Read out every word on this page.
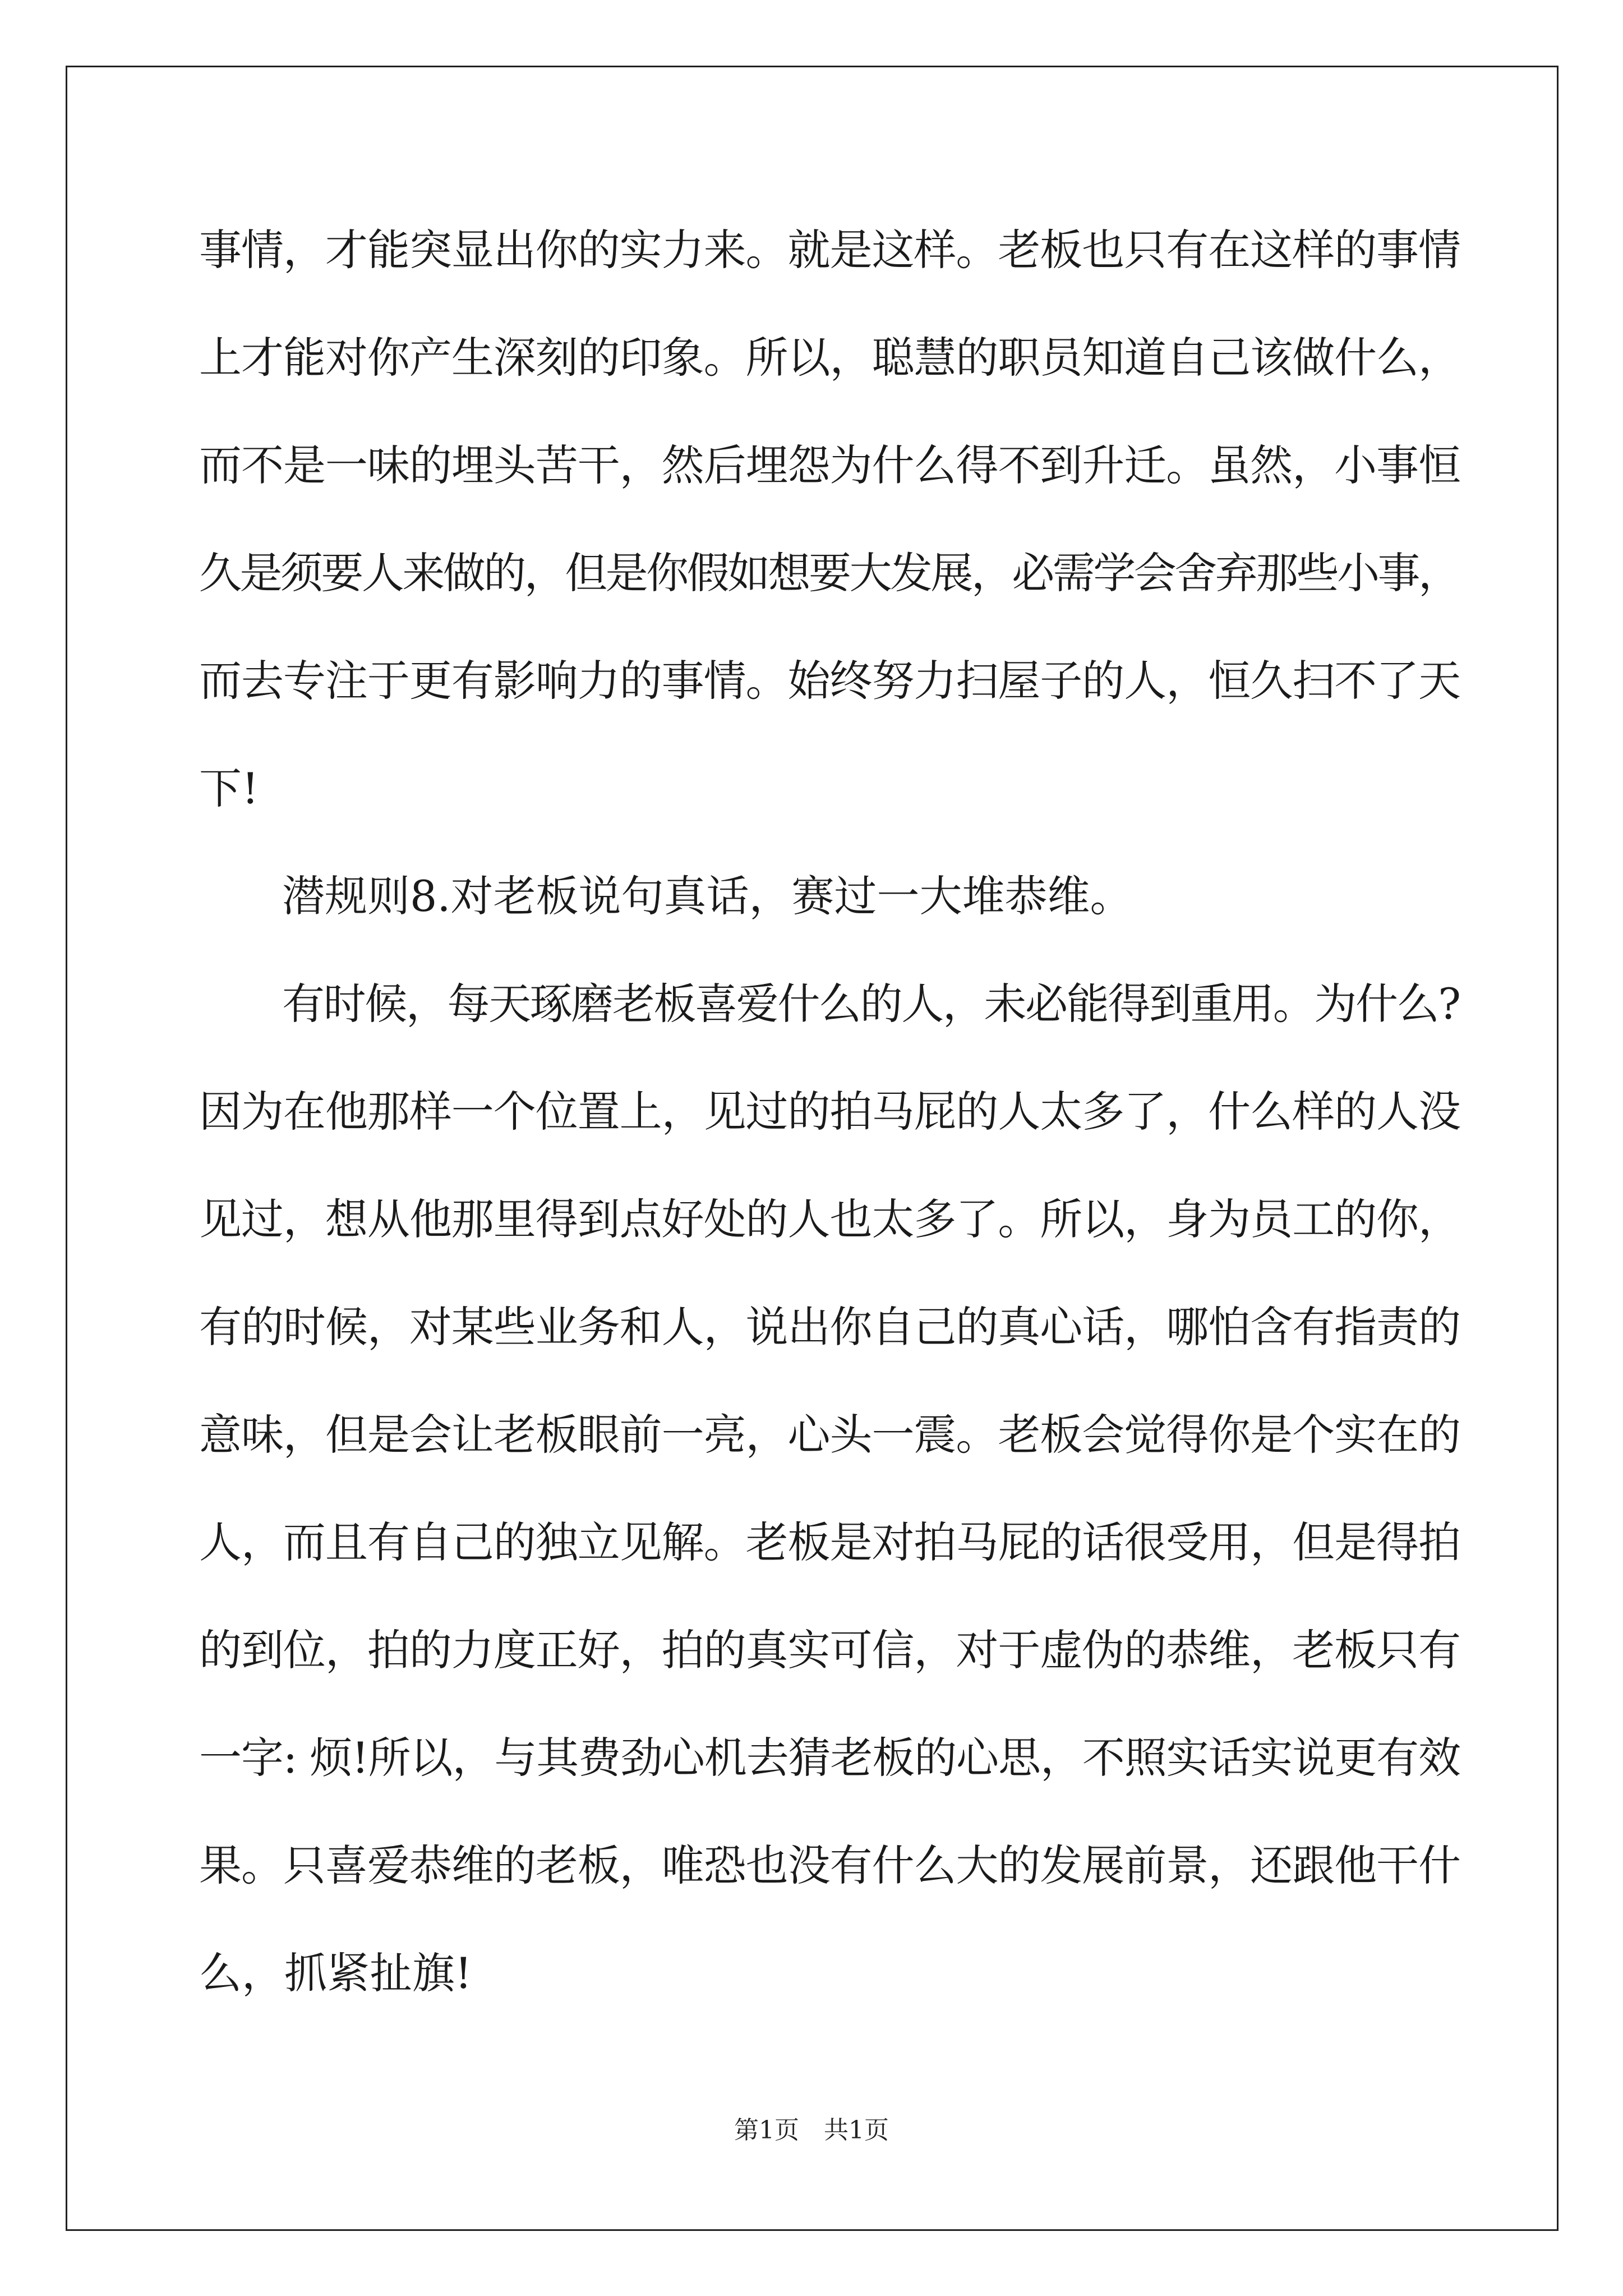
事情，才能突显出你的实力来。就是这样。老板也只有在这样的事情
上才能对你产生深刻的印象。所以，聪慧的职员知道自己该做什么，
而不是一味的埋头苦干，然后埋怨为什么得不到升迁。虽然，小事恒
久是须要人来做的，但是你假如想要大发展，必需学会舍弃那些小事，
而去专注于更有影响力的事情。始终努力扫屋子的人，恒久扫不了天
下!
潜规则8.对老板说句真话，赛过一大堆恭维。
有时候，每天琢磨老板喜爱什么的人，未必能得到重用。为什么?
因为在他那样一个位置上，见过的拍马屁的人太多了，什么样的人没
见过，想从他那里得到点好处的人也太多了。所以，身为员工的你，
有的时候，对某些业务和人，说出你自己的真心话，哪怕含有指责的
意味，但是会让老板眼前一亮，心头一震。老板会觉得你是个实在的
人，而且有自己的独立见解。老板是对拍马屁的话很受用，但是得拍
的到位，拍的力度正好，拍的真实可信，对于虚伪的恭维，老板只有
一字: 烦!所以，与其费劲心机去猜老板的心思，不照实话实说更有效
果。只喜爱恭维的老板，唯恐也没有什么大的发展前景，还跟他干什
么，抓紧扯旗!
第1页　共1页
